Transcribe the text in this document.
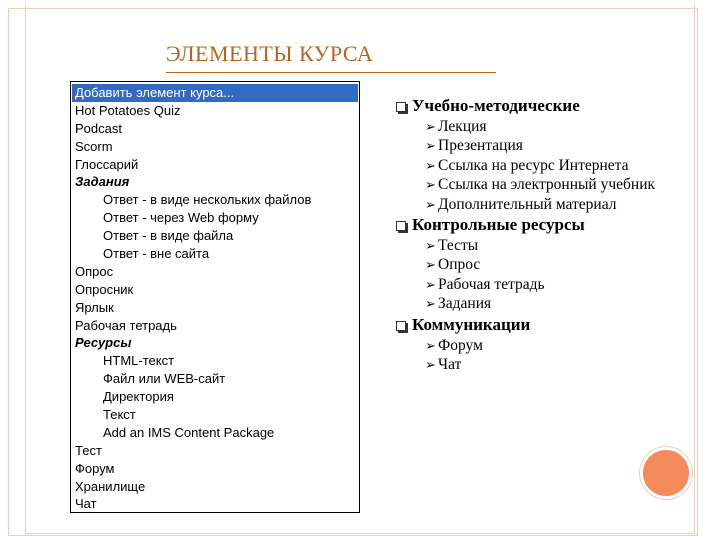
ЭЛЕМЕНТЫ КУРСА
Добавить элемент курса...
Hot Potatoes Quiz
Podcast
Scorm
Глоссарий
Задания
Ответ - в виде нескольких файлов
Ответ - через Web форму
Ответ - в виде файла
Ответ - вне сайта
Опрос
Опросник
Ярлык
Рабочая тетрадь
Ресурсы
HTML-текст
Файл или WEB-сайт
Директория
Текст
Add an IMS Content Package
Тест
Форум
Хранилище
Чат
Учебно-методические
➢ Лекция
➢ Презентация
➢ Ссылка на ресурс Интернета
➢ Ссылка на электронный учебник
➢ Дополнительный материал
Контрольные ресурсы
➢ Тесты
➢ Опрос
➢ Рабочая тетрадь
➢ Задания
Коммуникации
➢ Форум
➢ Чат
